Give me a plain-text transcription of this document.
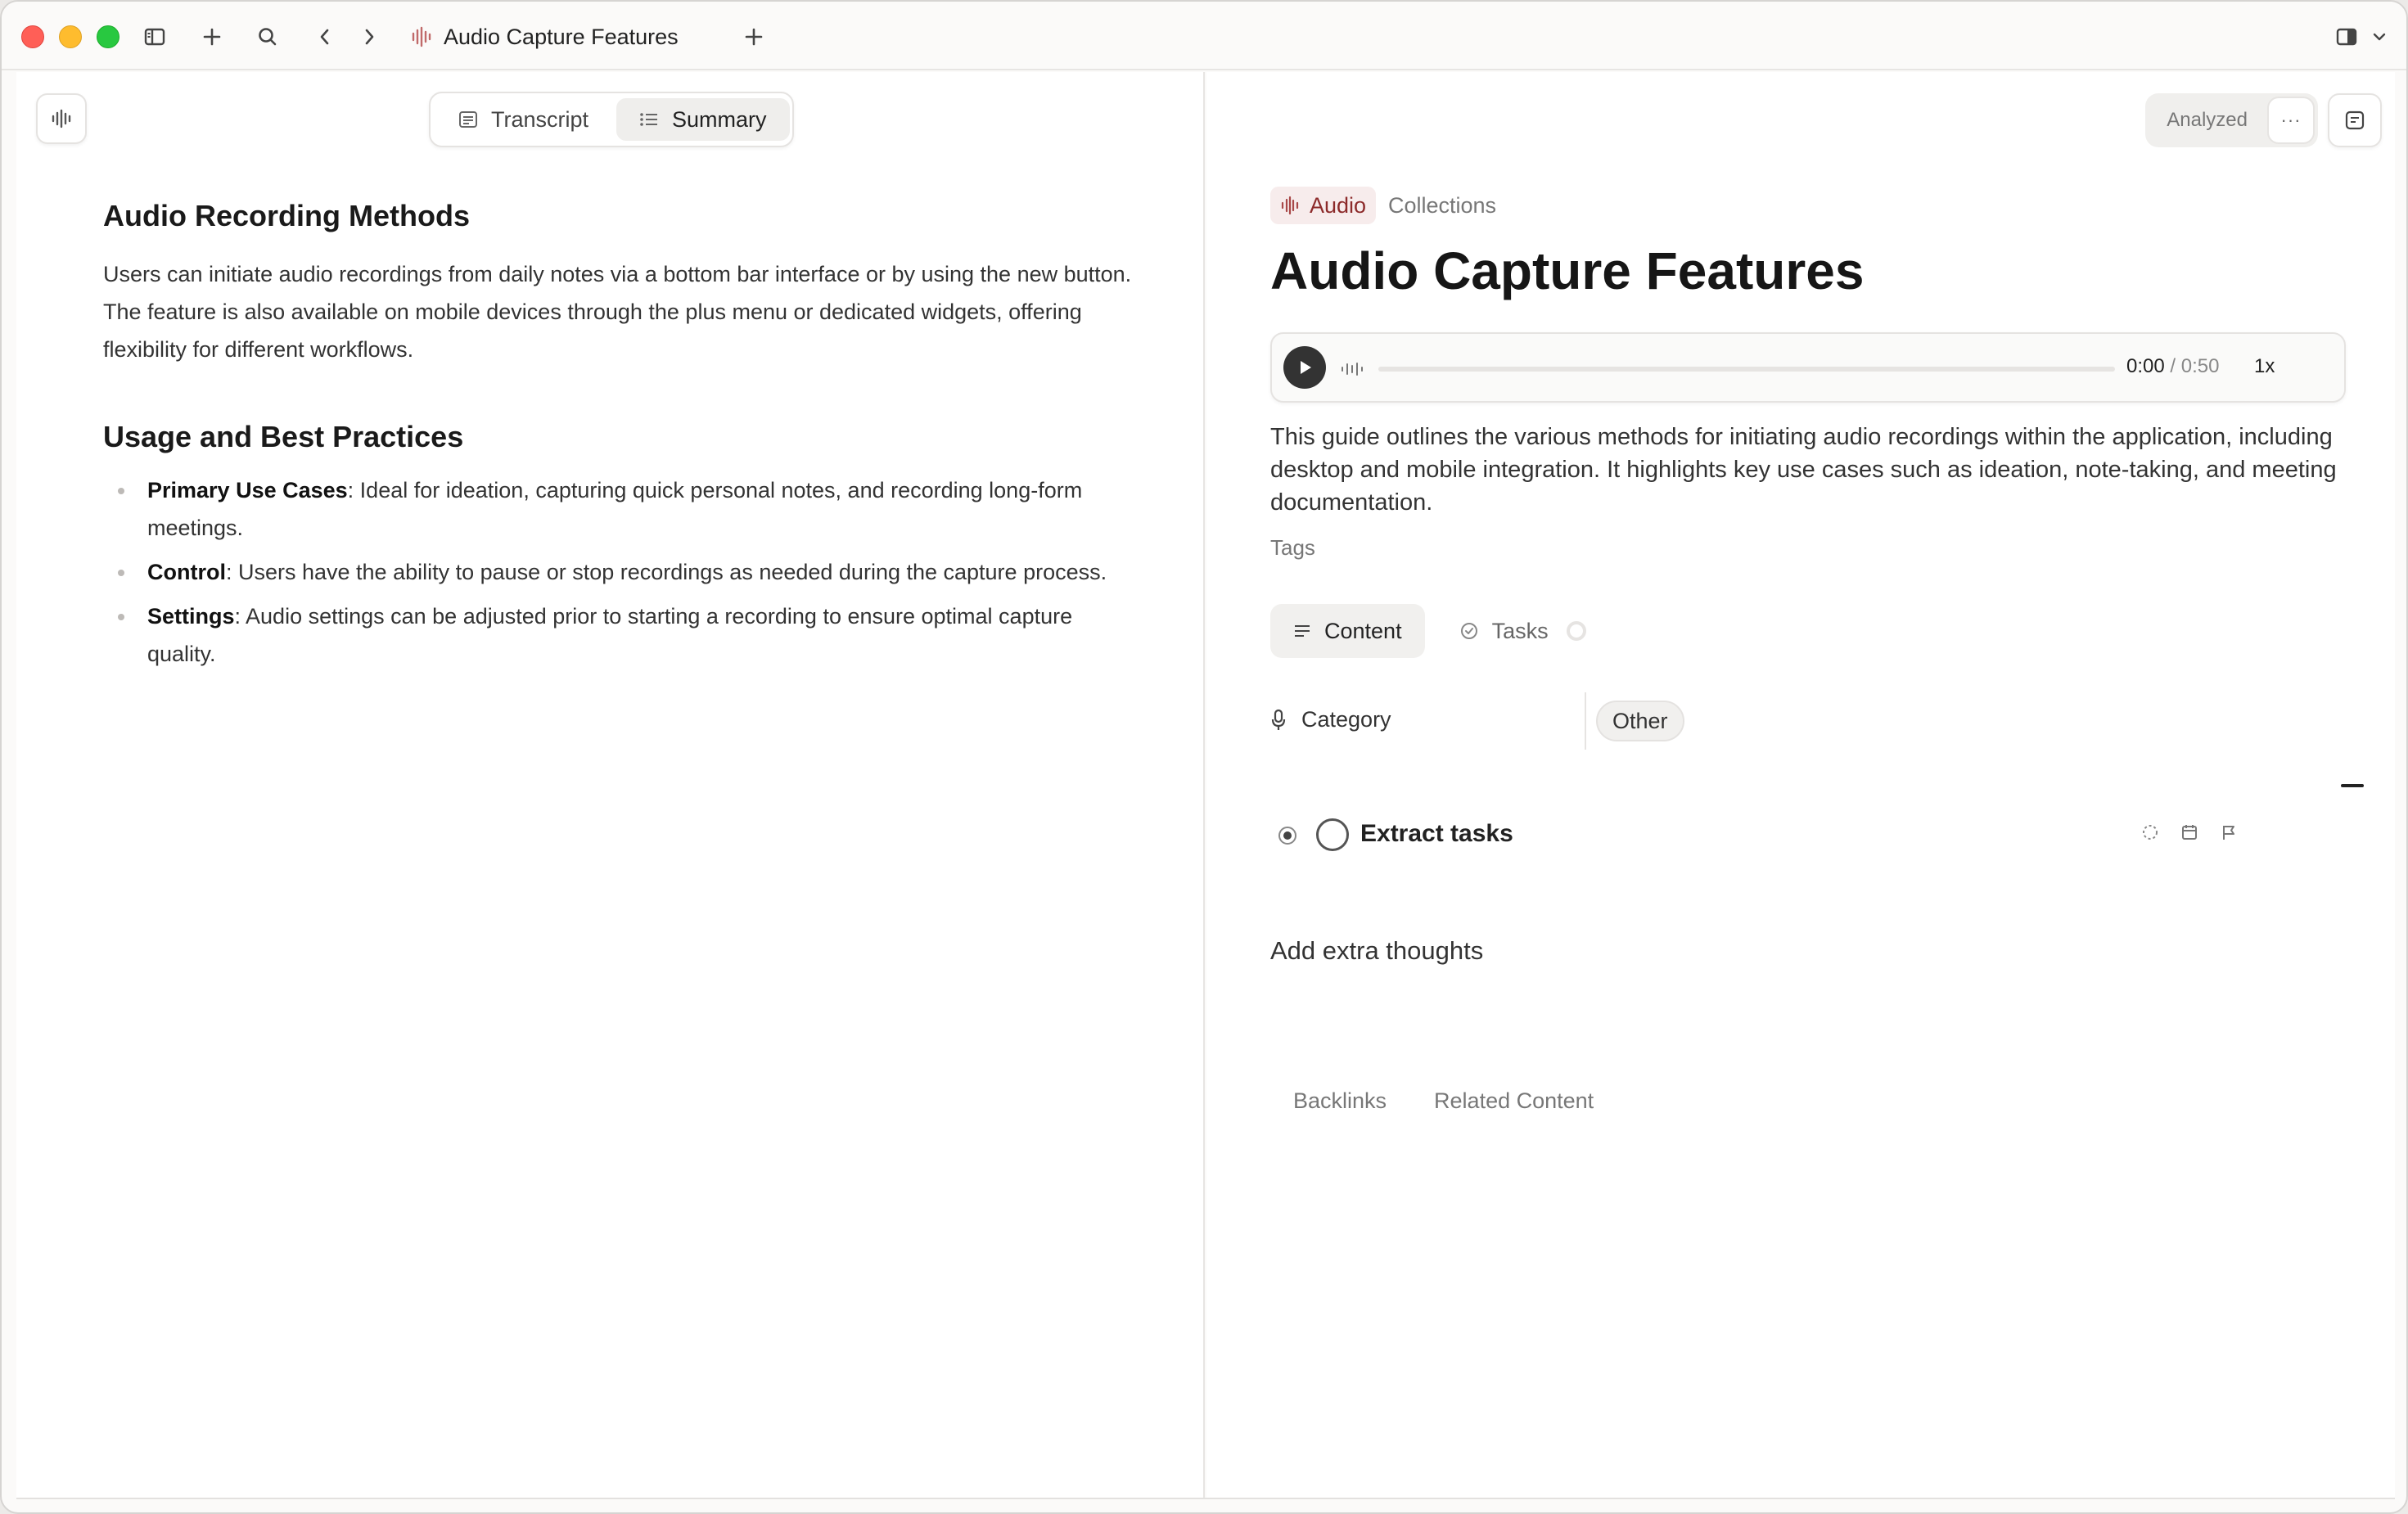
Audio Capture Features
Transcript	Summary
Audio Recording Methods

Users can initiate audio recordings from daily notes via a bottom bar interface or by using the new button. The feature is also available on mobile devices through the plus menu or dedicated widgets, offering flexibility for different workflows.

Usage and Best Practices
Primary Use Cases: Ideal for ideation, capturing quick personal notes, and recording long-form meetings.
Control: Users have the ability to pause or stop recordings as needed during the capture process.
Settings: Audio settings can be adjusted prior to starting a recording to ensure optimal capture quality.
Analyzed ···
Audio Collections
Audio Capture Features
0:00 / 0:50 1x
This guide outlines the various methods for initiating audio recordings within the application, including desktop and mobile integration. It highlights key use cases such as ideation, note-taking, and meeting documentation.
Tags
Content	Tasks
Category	Other
Extract tasks
Add extra thoughts
Backlinks Related Content
